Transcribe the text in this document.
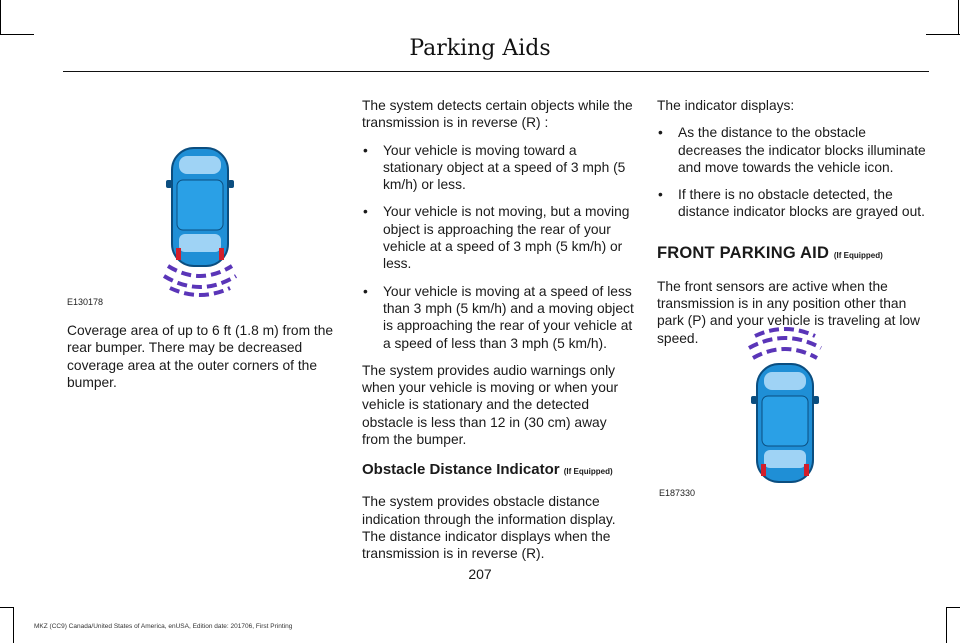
Parking Aids
E130178

Coverage area of up to 6 ft (1.8 m) from the rear bumper. There may be decreased coverage area at the outer corners of the bumper.

The system detects certain objects while the transmission is in reverse (R) :

• Your vehicle is moving toward a stationary object at a speed of 3 mph (5 km/h) or less.
• Your vehicle is not moving, but a moving object is approaching the rear of your vehicle at a speed of 3 mph (5 km/h) or less.
• Your vehicle is moving at a speed of less than 3 mph (5 km/h) and a moving object is approaching the rear of your vehicle at a speed of less than 3 mph (5 km/h).

The system provides audio warnings only when your vehicle is moving or when your vehicle is stationary and the detected obstacle is less than 12 in (30 cm) away from the bumper.

Obstacle Distance Indicator (If Equipped)

The system provides obstacle distance indication through the information display. The distance indicator displays when the transmission is in reverse (R).

The indicator displays:

• As the distance to the obstacle decreases the indicator blocks illuminate and move towards the vehicle icon.
• If there is no obstacle detected, the distance indicator blocks are grayed out.

FRONT PARKING AID (If Equipped)

The front sensors are active when the transmission is in any position other than park (P) and your vehicle is traveling at low speed.

E187330
207
MKZ (CC9) Canada/United States of America, enUSA, Edition date: 201706, First Printing
